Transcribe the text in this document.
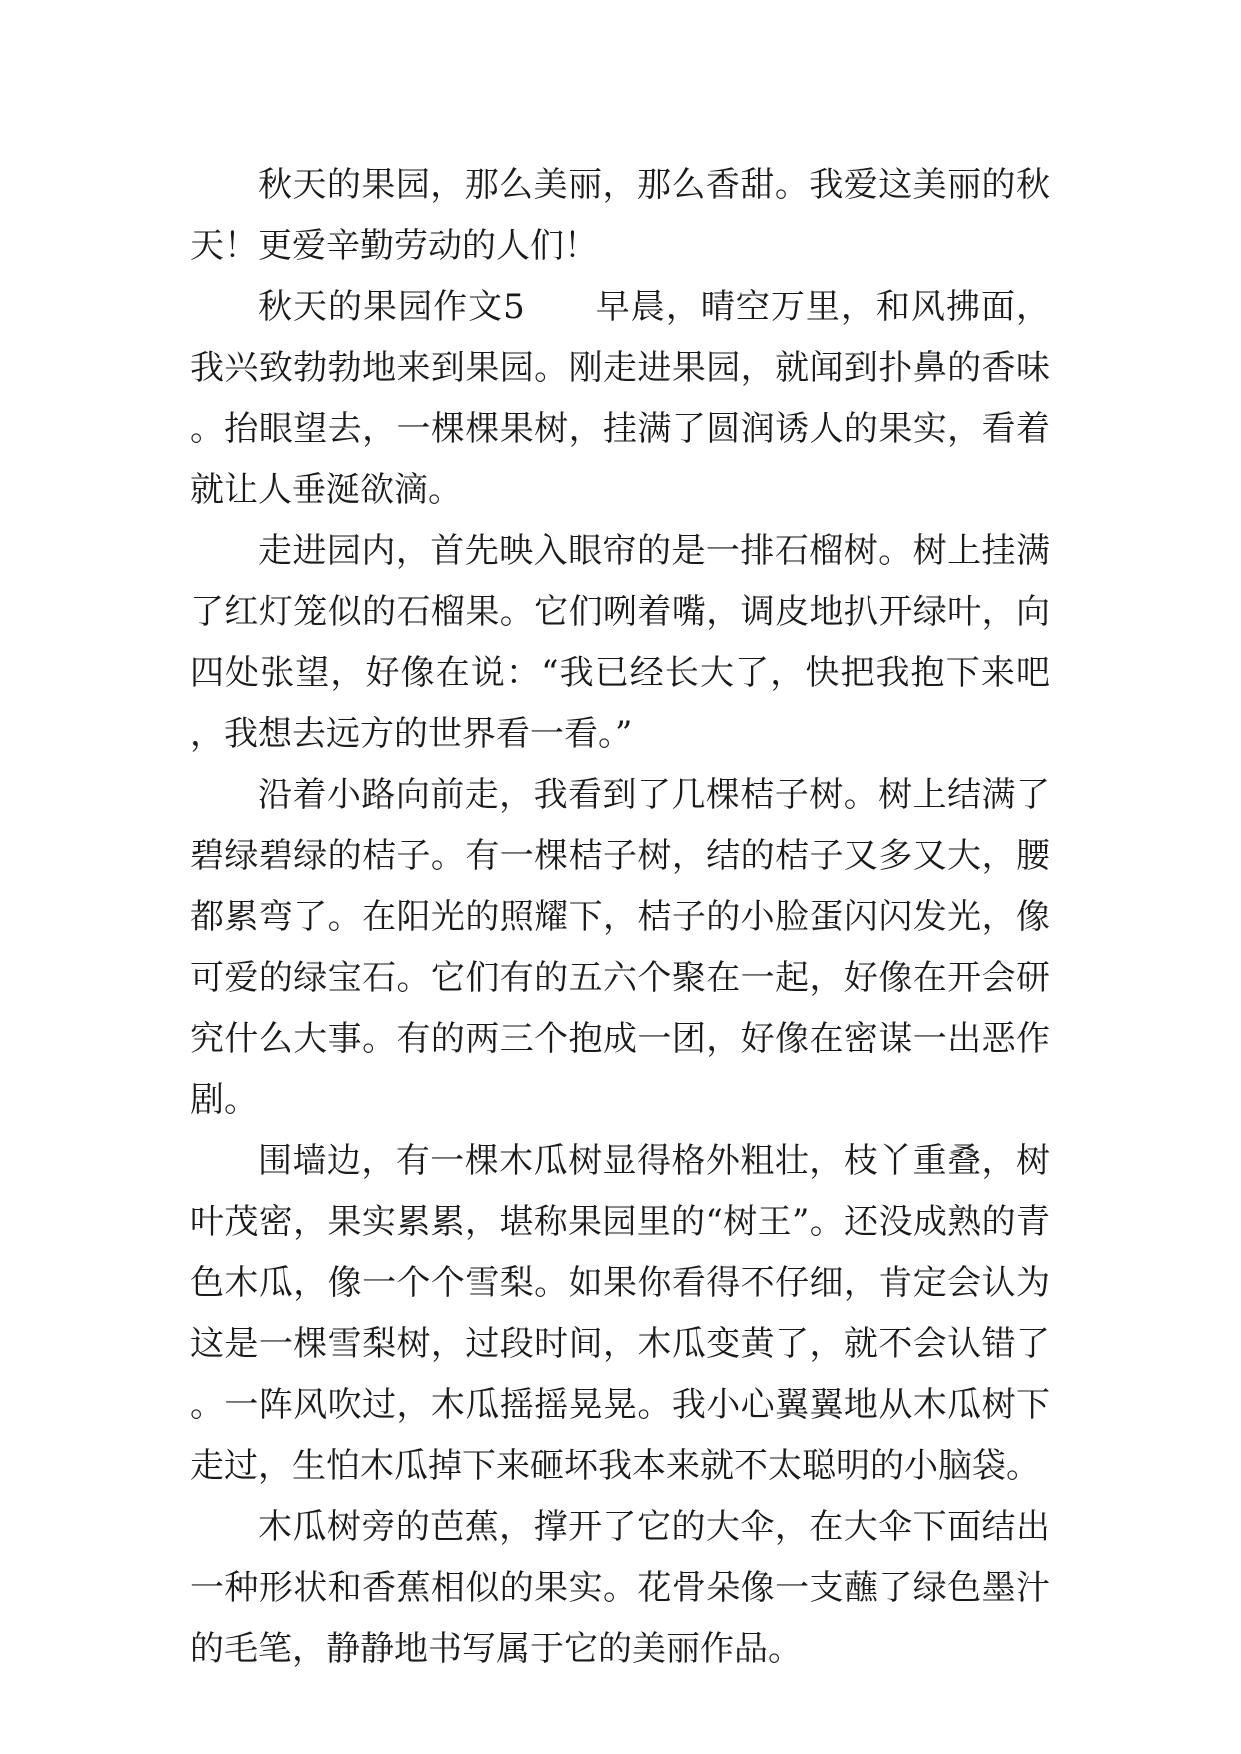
秋天的果园，那么美丽，那么香甜。我爱这美丽的秋天！更爱辛勤劳动的人们！

秋天的果园作文5　　早晨，晴空万里，和风拂面，我兴致勃勃地来到果园。刚走进果园，就闻到扑鼻的香味。抬眼望去，一棵棵果树，挂满了圆润诱人的果实，看着就让人垂涎欲滴。

走进园内，首先映入眼帘的是一排石榴树。树上挂满了红灯笼似的石榴果。它们咧着嘴，调皮地扒开绿叶，向四处张望，好像在说：“我已经长大了，快把我抱下来吧，我想去远方的世界看一看。”

沿着小路向前走，我看到了几棵桔子树。树上结满了碧绿碧绿的桔子。有一棵桔子树，结的桔子又多又大，腰都累弯了。在阳光的照耀下，桔子的小脸蛋闪闪发光，像可爱的绿宝石。它们有的五六个聚在一起，好像在开会研究什么大事。有的两三个抱成一团，好像在密谋一出恶作剧。

围墙边，有一棵木瓜树显得格外粗壮，枝丫重叠，树叶茂密，果实累累，堪称果园里的“树王”。还没成熟的青色木瓜，像一个个雪梨。如果你看得不仔细，肯定会认为这是一棵雪梨树，过段时间，木瓜变黄了，就不会认错了。一阵风吹过，木瓜摇摇晃晃。我小心翼翼地从木瓜树下走过，生怕木瓜掉下来砸坏我本来就不太聪明的小脑袋。

木瓜树旁的芭蕉，撑开了它的大伞，在大伞下面结出一种形状和香蕉相似的果实。花骨朵像一支蘸了绿色墨汁的毛笔，静静地书写属于它的美丽作品。
